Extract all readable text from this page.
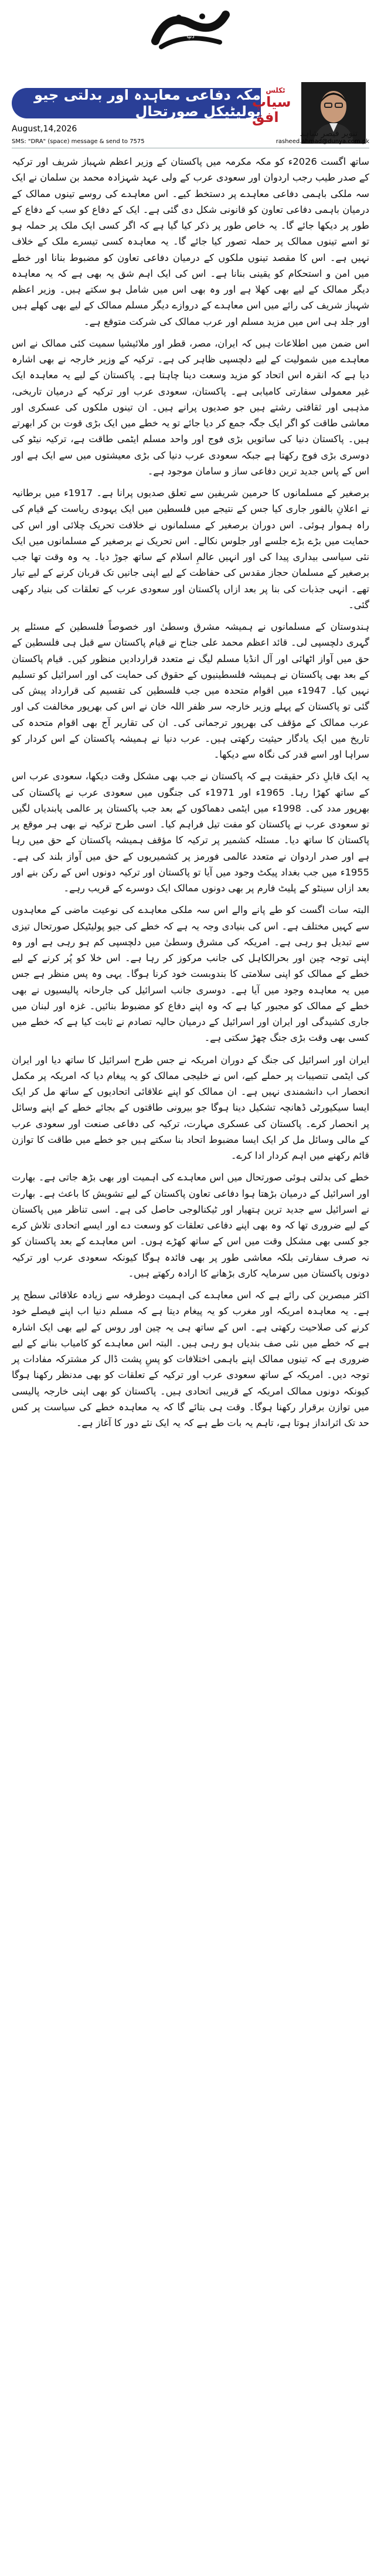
دنیا
مکہ دفاعی معاہدہ اور بدلتی جیو پولیٹیکل صورتحال
ٹکلس
سیاپ افق
تنویر قیصر شاہد
August,14,2026
SMS: "DRA" (space) message & send to 7575	rasheed.ahmad@dunya.com.pk

ساتھ اگست 2026ء کو مکہ مکرمہ میں پاکستان کے وزیر اعظم شہباز شریف اور ترکیہ کے صدر طیب رجب اردوان اور سعودی عرب کے ولی عہد شہزادہ محمد بن سلمان نے ایک سہ ملکی باہمی دفاعی معاہدے پر دستخط کیے۔ اس معاہدے کی روسے تینوں ممالک کے درمیان باہمی دفاعی تعاون کو قانونی شکل دی گئی ہے۔ ایک کے دفاع کو سب کے دفاع کے طور پر دیکھا جائے گا۔ یہ خاص طور پر ذکر کیا گیا ہے کہ اگر کسی ایک ملک پر حملہ ہو تو اسے تینوں ممالک پر حملہ تصور کیا جائے گا۔ یہ معاہدہ کسی تیسرے ملک کے خلاف نہیں ہے۔ اس کا مقصد تینوں ملکوں کے درمیان دفاعی تعاون کو مضبوط بنانا اور خطے میں امن و استحکام کو یقینی بنانا ہے۔ اس کی ایک اہم شق یہ بھی ہے کہ یہ معاہدہ دیگر ممالک کے لیے بھی کھلا ہے اور وہ بھی اس میں شامل ہو سکتے ہیں۔ وزیر اعظم شہباز شریف کی رائے میں اس معاہدے کے دروازے دیگر مسلم ممالک کے لیے بھی کھلے ہیں اور جلد ہی اس میں مزید مسلم اور عرب ممالک کی شرکت متوقع ہے۔

اس ضمن میں اطلاعات ہیں کہ ایران، مصر، قطر اور ملائیشیا سمیت کئی ممالک نے اس معاہدے میں شمولیت کے لیے دلچسپی ظاہر کی ہے۔ ترکیہ کے وزیر خارجہ نے بھی اشارہ دیا ہے کہ انقرہ اس اتحاد کو مزید وسعت دینا چاہتا ہے۔ پاکستان کے لیے یہ معاہدہ ایک غیر معمولی سفارتی کامیابی ہے۔ پاکستان، سعودی عرب اور ترکیہ کے درمیان تاریخی، مذہبی اور ثقافتی رشتے ہیں جو صدیوں پرانے ہیں۔ ان تینوں ملکوں کی عسکری اور معاشی طاقت کو اگر ایک جگہ جمع کر دیا جائے تو یہ خطے میں ایک بڑی قوت بن کر ابھرتے ہیں۔ پاکستان دنیا کی ساتویں بڑی فوج اور واحد مسلم ایٹمی طاقت ہے، ترکیہ نیٹو کی دوسری بڑی فوج رکھتا ہے جبکہ سعودی عرب دنیا کی بڑی معیشتوں میں سے ایک ہے اور اس کے پاس جدید ترین دفاعی ساز و سامان موجود ہے۔

برصغیر کے مسلمانوں کا حرمین شریفین سے تعلق صدیوں پرانا ہے۔ 1917ء میں برطانیہ نے اعلانِ بالفور جاری کیا جس کے نتیجے میں فلسطین میں ایک یہودی ریاست کے قیام کی راہ ہموار ہوئی۔ اس دوران برصغیر کے مسلمانوں نے خلافت تحریک چلائی اور اس کی حمایت میں بڑے بڑے جلسے اور جلوس نکالے۔ اس تحریک نے برصغیر کے مسلمانوں میں ایک نئی سیاسی بیداری پیدا کی اور انہیں عالمِ اسلام کے ساتھ جوڑ دیا۔ یہ وہ وقت تھا جب برصغیر کے مسلمان حجاز مقدس کی حفاظت کے لیے اپنی جانیں تک قربان کرنے کے لیے تیار تھے۔ انہی جذبات کی بنا پر بعد ازاں پاکستان اور سعودی عرب کے تعلقات کی بنیاد رکھی گئی۔

ہندوستان کے مسلمانوں نے ہمیشہ مشرق وسطیٰ اور خصوصاً فلسطین کے مسئلے پر گہری دلچسپی لی۔ قائد اعظم محمد علی جناح نے قیام پاکستان سے قبل ہی فلسطین کے حق میں آواز اٹھائی اور آل انڈیا مسلم لیگ نے متعدد قراردادیں منظور کیں۔ قیام پاکستان کے بعد بھی پاکستان نے ہمیشہ فلسطینیوں کے حقوق کی حمایت کی اور اسرائیل کو تسلیم نہیں کیا۔ 1947ء میں اقوام متحدہ میں جب فلسطین کی تقسیم کی قرارداد پیش کی گئی تو پاکستان کے پہلے وزیر خارجہ سر ظفر اللہ خان نے اس کی بھرپور مخالفت کی اور عرب ممالک کے مؤقف کی بھرپور ترجمانی کی۔ ان کی تقاریر آج بھی اقوام متحدہ کی تاریخ میں ایک یادگار حیثیت رکھتی ہیں۔ عرب دنیا نے ہمیشہ پاکستان کے اس کردار کو سراہا اور اسے قدر کی نگاہ سے دیکھا۔

یہ ایک قابلِ ذکر حقیقت ہے کہ پاکستان نے جب بھی مشکل وقت دیکھا، سعودی عرب اس کے ساتھ کھڑا رہا۔ 1965ء اور 1971ء کی جنگوں میں سعودی عرب نے پاکستان کی بھرپور مدد کی۔ 1998ء میں ایٹمی دھماکوں کے بعد جب پاکستان پر عالمی پابندیاں لگیں تو سعودی عرب نے پاکستان کو مفت تیل فراہم کیا۔ اسی طرح ترکیہ نے بھی ہر موقع پر پاکستان کا ساتھ دیا۔ مسئلہ کشمیر پر ترکیہ کا مؤقف ہمیشہ پاکستان کے حق میں رہا ہے اور صدر اردوان نے متعدد عالمی فورمز پر کشمیریوں کے حق میں آواز بلند کی ہے۔ 1955ء میں جب بغداد پیکٹ وجود میں آیا تو پاکستان اور ترکیہ دونوں اس کے رکن بنے اور بعد ازاں سینٹو کے پلیٹ فارم پر بھی دونوں ممالک ایک دوسرے کے قریب رہے۔

البتہ سات اگست کو طے پانے والے اس سہ ملکی معاہدے کی نوعیت ماضی کے معاہدوں سے کہیں مختلف ہے۔ اس کی بنیادی وجہ یہ ہے کہ خطے کی جیو پولیٹیکل صورتحال تیزی سے تبدیل ہو رہی ہے۔ امریکہ کی مشرق وسطیٰ میں دلچسپی کم ہو رہی ہے اور وہ اپنی توجہ چین اور بحرالکاہل کی جانب مرکوز کر رہا ہے۔ اس خلا کو پُر کرنے کے لیے خطے کے ممالک کو اپنی سلامتی کا بندوبست خود کرنا ہوگا۔ یہی وہ پس منظر ہے جس میں یہ معاہدہ وجود میں آیا ہے۔ دوسری جانب اسرائیل کی جارحانہ پالیسیوں نے بھی خطے کے ممالک کو مجبور کیا ہے کہ وہ اپنے دفاع کو مضبوط بنائیں۔ غزہ اور لبنان میں جاری کشیدگی اور ایران اور اسرائیل کے درمیان حالیہ تصادم نے ثابت کیا ہے کہ خطے میں کسی بھی وقت بڑی جنگ چھڑ سکتی ہے۔

ایران اور اسرائیل کی جنگ کے دوران امریکہ نے جس طرح اسرائیل کا ساتھ دیا اور ایران کی ایٹمی تنصیبات پر حملے کیے، اس نے خلیجی ممالک کو یہ پیغام دیا کہ امریکہ پر مکمل انحصار اب دانشمندی نہیں ہے۔ ان ممالک کو اپنے علاقائی اتحادیوں کے ساتھ مل کر ایک ایسا سیکیورٹی ڈھانچہ تشکیل دینا ہوگا جو بیرونی طاقتوں کے بجائے خطے کے اپنے وسائل پر انحصار کرے۔ پاکستان کی عسکری مہارت، ترکیہ کی دفاعی صنعت اور سعودی عرب کے مالی وسائل مل کر ایک ایسا مضبوط اتحاد بنا سکتے ہیں جو خطے میں طاقت کا توازن قائم رکھنے میں اہم کردار ادا کرے۔

خطے کی بدلتی ہوئی صورتحال میں اس معاہدے کی اہمیت اور بھی بڑھ جاتی ہے۔ بھارت اور اسرائیل کے درمیان بڑھتا ہوا دفاعی تعاون پاکستان کے لیے تشویش کا باعث ہے۔ بھارت نے اسرائیل سے جدید ترین ہتھیار اور ٹیکنالوجی حاصل کی ہے۔ اسی تناظر میں پاکستان کے لیے ضروری تھا کہ وہ بھی اپنے دفاعی تعلقات کو وسعت دے اور ایسے اتحادی تلاش کرے جو کسی بھی مشکل وقت میں اس کے ساتھ کھڑے ہوں۔ اس معاہدے کے بعد پاکستان کو نہ صرف سفارتی بلکہ معاشی طور پر بھی فائدہ ہوگا کیونکہ سعودی عرب اور ترکیہ دونوں پاکستان میں سرمایہ کاری بڑھانے کا ارادہ رکھتے ہیں۔

اکثر مبصرین کی رائے ہے کہ اس معاہدے کی اہمیت دوطرفہ سے زیادہ علاقائی سطح پر ہے۔ یہ معاہدہ امریکہ اور مغرب کو یہ پیغام دیتا ہے کہ مسلم دنیا اب اپنے فیصلے خود کرنے کی صلاحیت رکھتی ہے۔ اس کے ساتھ ہی یہ چین اور روس کے لیے بھی ایک اشارہ ہے کہ خطے میں نئی صف بندیاں ہو رہی ہیں۔ البتہ اس معاہدے کو کامیاب بنانے کے لیے ضروری ہے کہ تینوں ممالک اپنے باہمی اختلافات کو پسِ پشت ڈال کر مشترکہ مفادات پر توجہ دیں۔ امریکہ کے ساتھ سعودی عرب اور ترکیہ کے تعلقات کو بھی مدنظر رکھنا ہوگا کیونکہ دونوں ممالک امریکہ کے قریبی اتحادی ہیں۔ پاکستان کو بھی اپنی خارجہ پالیسی میں توازن برقرار رکھنا ہوگا۔ وقت ہی بتائے گا کہ یہ معاہدہ خطے کی سیاست پر کس حد تک اثرانداز ہوتا ہے، تاہم یہ بات طے ہے کہ یہ ایک نئے دور کا آغاز ہے۔
